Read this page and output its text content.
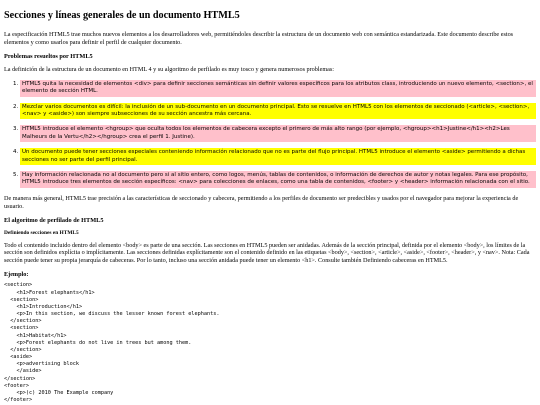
Secciones y líneas generales de un documento HTML5

La especificación HTML5 trae muchos nuevos elementos a los desarrolladores web, permitiéndoles describir la estructura de un documento web con semántica estandarizada. Este documento describe estos elementos y como usarlos para definir el perfil de cualquier documento.

Problemas resueltos por HTML5

La definición de la estructura de un documento en HTML 4 y su algoritmo de perfilado es muy tosco y genera numerosos problemas:

1. HTML5 quita la necesidad de elementos <div> para definir secciones semánticas sin definir valores específicos para los atributos class, introduciendo un nuevo elemento, <section>, el elemento de sección HTML.
2. Mezclar varios documentos es difícil: la inclusión de un sub-documento en un documento principal. Esto se resuelve en HTML5 con los elementos de seccionado (<article>, <section>, <nav> y <aside>) son siempre subsecciones de su sección ancestra más cercana.
3. HTML5 introduce el elemento <hgroup> que oculta todos los elementos de cabecera excepto el primero de más alto rango (por ejemplo, <hgroup><h1>Justine</h1><h2>Les Malheurs de la Vertu</h2></hgroup> crea el perfil 1. Justine).
4. Un documento puede tener secciones especiales conteniendo información relacionado que no es parte del flujo principal. HTML5 introduce el elemento <aside> permitiendo a dichas secciones no ser parte del perfil principal.
5. Hay información relacionada no al documento pero si al sitio entero, como logos, menús, tablas de contenidos, o información de derechos de autor y notas legales. Para ese propósito, HTML5 introduce tres elementos de sección específicos: <nav> para colecciones de enlaces, como una tabla de contenidos, <footer> y <header> información relacionada con el sitio.

De manera más general, HTML5 trae precisión a las características de seccionado y cabecera, permitiendo a los perfiles de documento ser predecibles y usados por el navegador para mejorar la experiencia de usuario.

El algoritmo de perfilado de HTML5
Definiendo secciones en HTML5

Todo el contenido incluido dentro del elemento <body> es parte de una sección. Las secciones en HTML5 pueden ser anidadas. Además de la sección principal, definida por el elemento <body>, los límites de la sección son definidos explícita o implícitamente. Las secciones definidas explícitamente son el contenido definido en las etiquetas <body>, <section>, <article>, <aside>, <footer>, <header>, y <nav>. Nota: Cada sección puede tener su propia jerarquía de cabeceras. Por lo tanto, incluso una sección anidada puede tener un elemento <h1>. Consulte también Definiendo cabeceras en HTML5.

Ejemplo:
<section>
<h1>Forest elephants</h1>
<section>
<h1>Introduction</h1>
<p>In this section, we discuss the lesser known forest elephants.
</section>
<section>
<h1>Habitat</h1>
<p>Forest elephants do not live in trees but among them.
</section>
<aside>
<p>advertising block
</aside>
</section>
<footer>
<p>(c) 2010 The Example company
</footer>
